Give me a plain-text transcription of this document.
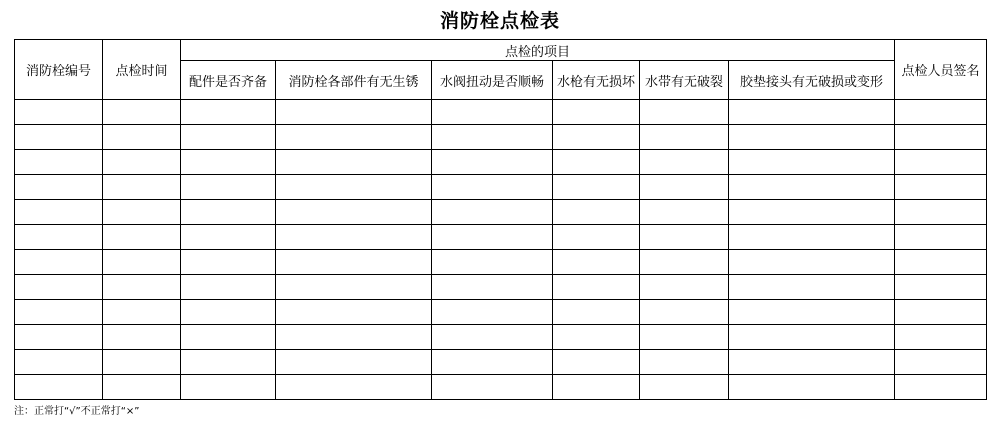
消防栓点检表
消防栓编号	点检时间	点检的项目						点检人员签名
		配件是否齐备	消防栓各部件有无生锈	水阀扭动是否顺畅	水枪有无损坏	水带有无破裂	胶垫接头有无破损或变形	

注：正常打“√”不正常打“×”
